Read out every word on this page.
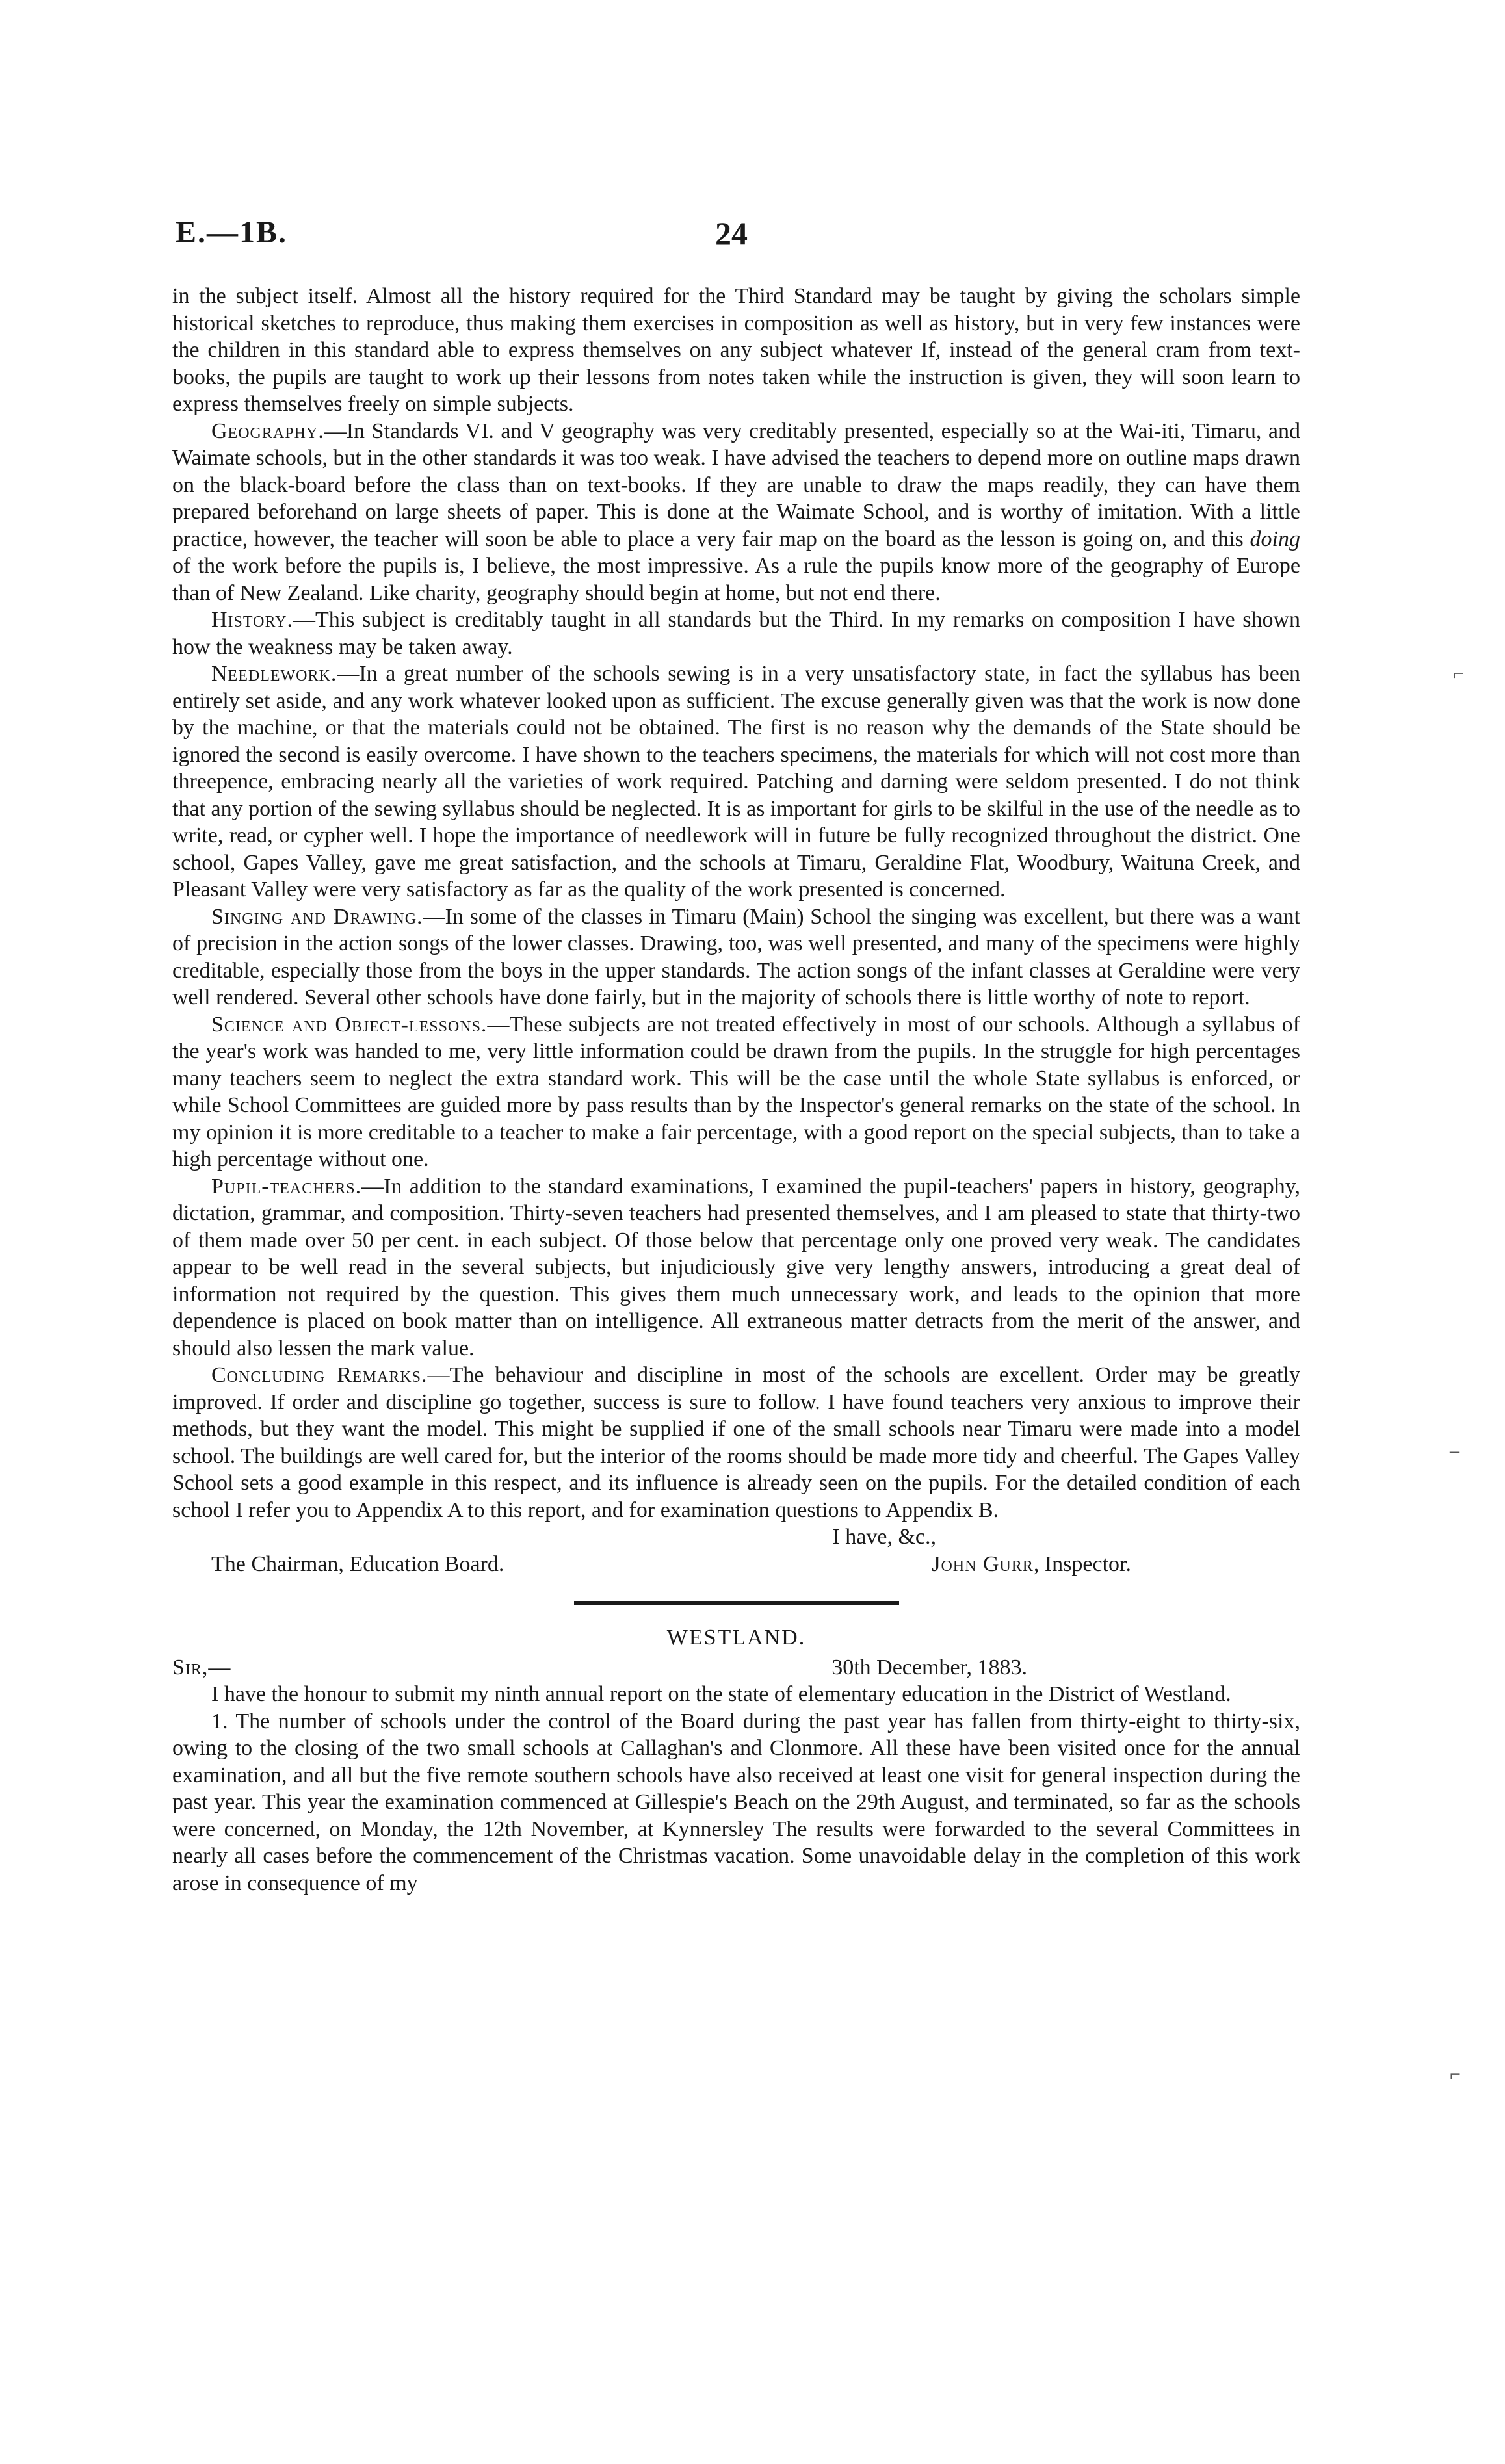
E.—1B.	24

in the subject itself. Almost all the history required for the Third Standard may be taught by giving the scholars simple historical sketches to reproduce, thus making them exercises in composition as well as history, but in very few instances were the children in this standard able to express themselves on any subject whatever If, instead of the general cram from text-books, the pupils are taught to work up their lessons from notes taken while the instruction is given, they will soon learn to express themselves freely on simple subjects.

Geography.—In Standards VI. and V geography was very creditably presented, especially so at the Wai-iti, Timaru, and Waimate schools, but in the other standards it was too weak. I have advised the teachers to depend more on outline maps drawn on the black-board before the class than on text-books. If they are unable to draw the maps readily, they can have them prepared beforehand on large sheets of paper. This is done at the Waimate School, and is worthy of imitation. With a little practice, however, the teacher will soon be able to place a very fair map on the board as the lesson is going on, and this doing of the work before the pupils is, I believe, the most impressive. As a rule the pupils know more of the geography of Europe than of New Zealand. Like charity, geography should begin at home, but not end there.

History.—This subject is creditably taught in all standards but the Third. In my remarks on composition I have shown how the weakness may be taken away.

Needlework.—In a great number of the schools sewing is in a very unsatisfactory state, in fact the syllabus has been entirely set aside, and any work whatever looked upon as sufficient. The excuse generally given was that the work is now done by the machine, or that the materials could not be obtained. The first is no reason why the demands of the State should be ignored the second is easily overcome. I have shown to the teachers specimens, the materials for which will not cost more than threepence, embracing nearly all the varieties of work required. Patching and darning were seldom presented. I do not think that any portion of the sewing syllabus should be neglected. It is as important for girls to be skilful in the use of the needle as to write, read, or cypher well. I hope the importance of needlework will in future be fully recognized throughout the district. One school, Gapes Valley, gave me great satisfaction, and the schools at Timaru, Geraldine Flat, Woodbury, Waituna Creek, and Pleasant Valley were very satisfactory as far as the quality of the work presented is concerned.

Singing and Drawing.—In some of the classes in Timaru (Main) School the singing was excellent, but there was a want of precision in the action songs of the lower classes. Drawing, too, was well presented, and many of the specimens were highly creditable, especially those from the boys in the upper standards. The action songs of the infant classes at Geraldine were very well rendered. Several other schools have done fairly, but in the majority of schools there is little worthy of note to report.

Science and Object-lessons.—These subjects are not treated effectively in most of our schools. Although a syllabus of the year's work was handed to me, very little information could be drawn from the pupils. In the struggle for high percentages many teachers seem to neglect the extra standard work. This will be the case until the whole State syllabus is enforced, or while School Committees are guided more by pass results than by the Inspector's general remarks on the state of the school. In my opinion it is more creditable to a teacher to make a fair percentage, with a good report on the special subjects, than to take a high percentage without one.

Pupil-teachers.—In addition to the standard examinations, I examined the pupil-teachers' papers in history, geography, dictation, grammar, and composition. Thirty-seven teachers had presented themselves, and I am pleased to state that thirty-two of them made over 50 per cent. in each subject. Of those below that percentage only one proved very weak. The candidates appear to be well read in the several subjects, but injudiciously give very lengthy answers, introducing a great deal of information not required by the question. This gives them much unnecessary work, and leads to the opinion that more dependence is placed on book matter than on intelligence. All extraneous matter detracts from the merit of the answer, and should also lessen the mark value.

Concluding Remarks.—The behaviour and discipline in most of the schools are excellent. Order may be greatly improved. If order and discipline go together, success is sure to follow. I have found teachers very anxious to improve their methods, but they want the model. This might be supplied if one of the small schools near Timaru were made into a model school. The buildings are well cared for, but the interior of the rooms should be made more tidy and cheerful. The Gapes Valley School sets a good example in this respect, and its influence is already seen on the pupils. For the detailed condition of each school I refer you to Appendix A to this report, and for examination questions to Appendix B.

I have, &c.,
The Chairman, Education Board.	John Gurr, Inspector.
WESTLAND.
Sir,—	30th December, 1883.

I have the honour to submit my ninth annual report on the state of elementary education in the District of Westland.

1. The number of schools under the control of the Board during the past year has fallen from thirty-eight to thirty-six, owing to the closing of the two small schools at Callaghan's and Clonmore. All these have been visited once for the annual examination, and all but the five remote southern schools have also received at least one visit for general inspection during the past year. This year the examination commenced at Gillespie's Beach on the 29th August, and terminated, so far as the schools were concerned, on Monday, the 12th November, at Kynnersley The results were forwarded to the several Committees in nearly all cases before the commencement of the Christmas vacation. Some unavoidable delay in the completion of this work arose in consequence of my

⌐
–
⌐
